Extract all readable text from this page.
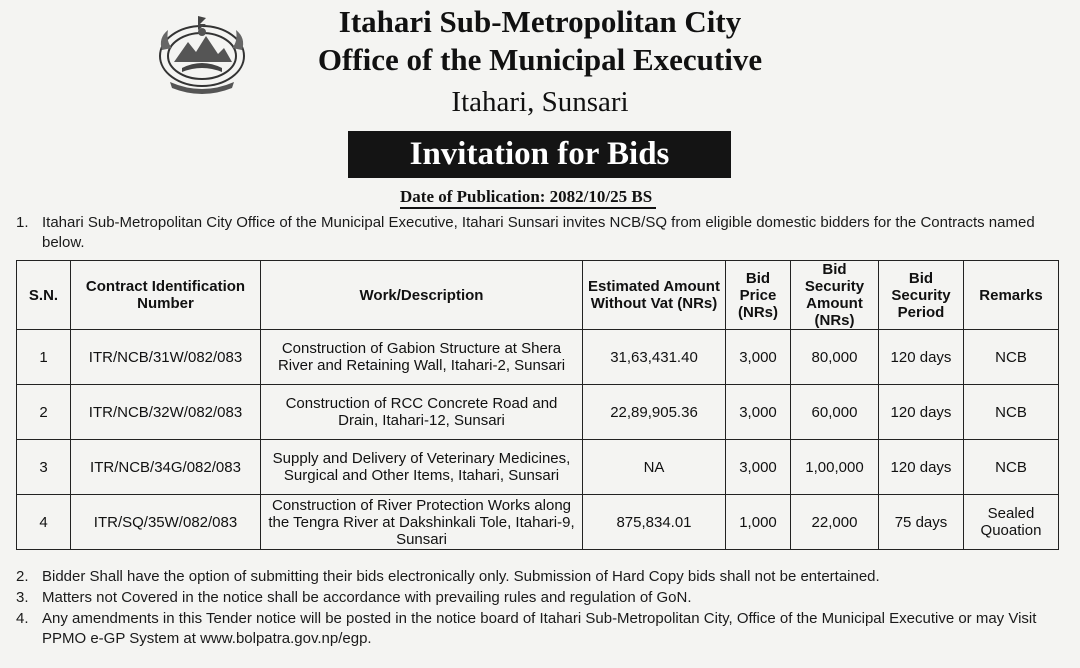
Itahari Sub-Metropolitan City
Office of the Municipal Executive
Itahari, Sunsari
Invitation for Bids
Date of Publication: 2082/10/25 BS
1. Itahari Sub-Metropolitan City Office of the Municipal Executive, Itahari Sunsari invites NCB/SQ from eligible domestic bidders for the Contracts named below.
S.N.	Contract Identification Number	Work/Description	Estimated Amount Without Vat (NRs)	Bid Price (NRs)	Bid Security Amount (NRs)	Bid Security Period	Remarks
1	ITR/NCB/31W/082/083	Construction of Gabion Structure at Shera River and Retaining Wall, Itahari-2, Sunsari	31,63,431.40	3,000	80,000	120 days	NCB
2	ITR/NCB/32W/082/083	Construction of RCC Concrete Road and Drain, Itahari-12, Sunsari	22,89,905.36	3,000	60,000	120 days	NCB
3	ITR/NCB/34G/082/083	Supply and Delivery of Veterinary Medicines, Surgical and Other Items, Itahari, Sunsari	NA	3,000	1,00,000	120 days	NCB
4	ITR/SQ/35W/082/083	Construction of River Protection Works along the Tengra River at Dakshinkali Tole, Itahari-9, Sunsari	875,834.01	1,000	22,000	75 days	Sealed Quoation
2. Bidder Shall have the option of submitting their bids electronically only. Submission of Hard Copy bids shall not be entertained.
3. Matters not Covered in the notice shall be accordance with prevailing rules and regulation of GoN.
4. Any amendments in this Tender notice will be posted in the notice board of Itahari Sub-Metropolitan City, Office of the Municipal Executive or may Visit PPMO e-GP System at www.bolpatra.gov.np/egp.
